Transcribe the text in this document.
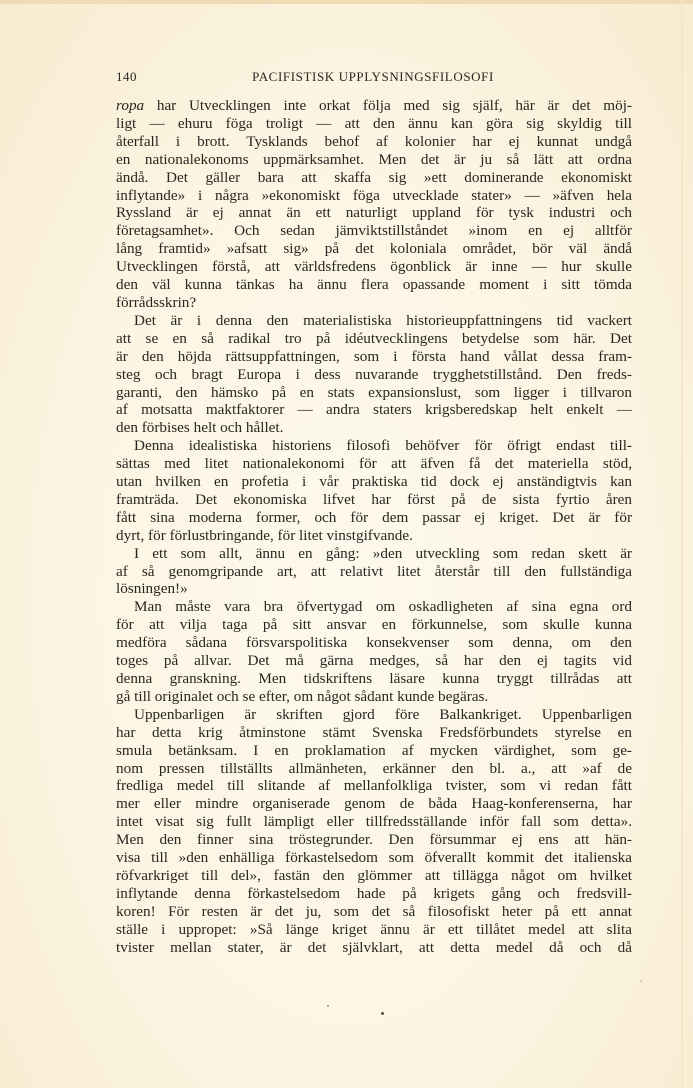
140	PACIFISTISK UPPLYSNINGSFILOSOFI
ropa har Utvecklingen inte orkat följa med sig själf, här är det möj-
ligt — ehuru föga troligt — att den ännu kan göra sig skyldig till
återfall i brott. Tysklands behof af kolonier har ej kunnat undgå
en nationalekonoms uppmärksamhet. Men det är ju så lätt att ordna
ändå. Det gäller bara att skaffa sig »ett dominerande ekonomiskt
inflytande» i några »ekonomiskt föga utvecklade stater» — »äfven hela
Ryssland är ej annat än ett naturligt uppland för tysk industri och
företagsamhet». Och sedan jämviktstillståndet »inom en ej alltför
lång framtid» »afsatt sig» på det koloniala området, bör väl ändå
Utvecklingen förstå, att världsfredens ögonblick är inne — hur skulle
den väl kunna tänkas ha ännu flera opassande moment i sitt tömda
förrådsskrin?
Det är i denna den materialistiska historieuppfattningens tid vackert
att se en så radikal tro på idéutvecklingens betydelse som här. Det
är den höjda rättsuppfattningen, som i första hand vållat dessa fram-
steg och bragt Europa i dess nuvarande trygghetstillstånd. Den freds-
garanti, den hämsko på en stats expansionslust, som ligger i tillvaron
af motsatta maktfaktorer — andra staters krigsberedskap helt enkelt —
den förbises helt och hållet.
Denna idealistiska historiens filosofi behöfver för öfrigt endast till-
sättas med litet nationalekonomi för att äfven få det materiella stöd,
utan hvilken en profetia i vår praktiska tid dock ej anständigtvis kan
framträda. Det ekonomiska lifvet har först på de sista fyrtio åren
fått sina moderna former, och för dem passar ej kriget. Det är för
dyrt, för förlustbringande, för litet vinstgifvande.
I ett som allt, ännu en gång: »den utveckling som redan skett är
af så genomgripande art, att relativt litet återstår till den fullständiga
lösningen!»
Man måste vara bra öfvertygad om oskadligheten af sina egna ord
för att vilja taga på sitt ansvar en förkunnelse, som skulle kunna
medföra sådana försvarspolitiska konsekvenser som denna, om den
toges på allvar. Det må gärna medges, så har den ej tagits vid
denna granskning. Men tidskriftens läsare kunna tryggt tillrådas att
gå till originalet och se efter, om något sådant kunde begäras.
Uppenbarligen är skriften gjord före Balkankriget. Uppenbarligen
har detta krig åtminstone stämt Svenska Fredsförbundets styrelse en
smula betänksam. I en proklamation af mycken värdighet, som ge-
nom pressen tillställts allmänheten, erkänner den bl. a., att »af de
fredliga medel till slitande af mellanfolkliga tvister, som vi redan fått
mer eller mindre organiserade genom de båda Haag-konferenserna, har
intet visat sig fullt lämpligt eller tillfredsställande inför fall som detta».
Men den finner sina tröstegrunder. Den försummar ej ens att hän-
visa till »den enhälliga förkastelsedom som öfverallt kommit det italienska
röfvarkriget till del», fastän den glömmer att tillägga något om hvilket
inflytande denna förkastelsedom hade på krigets gång och fredsvill-
koren! För resten är det ju, som det så filosofiskt heter på ett annat
ställe i uppropet: »Så länge kriget ännu är ett tillåtet medel att slita
tvister mellan stater, är det självklart, att detta medel då och då
